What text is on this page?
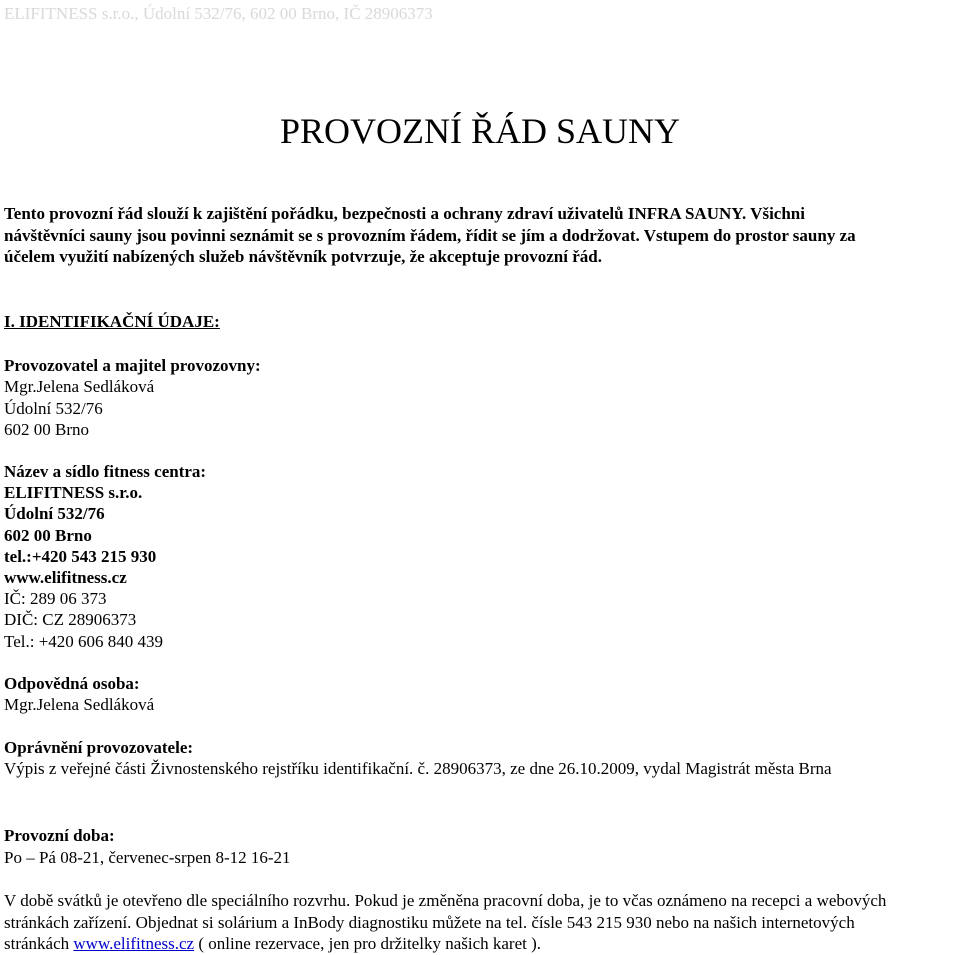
ELIFITNESS s.r.o., Údolní 532/76, 602 00 Brno, IČ 28906373
PROVOZNÍ ŘÁD SAUNY
Tento provozní řád slouží k zajištění pořádku, bezpečnosti a ochrany zdraví uživatelů INFRA SAUNY. Všichni
návštěvníci sauny jsou povinni seznámit se s provozním řádem, řídit se jím a dodržovat. Vstupem do prostor sauny za
účelem využití nabízených služeb návštěvník potvrzuje, že akceptuje provozní řád.
I. IDENTIFIKAČNÍ ÚDAJE:
Provozovatel a majitel provozovny:
Mgr.Jelena Sedláková
Údolní 532/76
602 00 Brno
Název a sídlo fitness centra:
ELIFITNESS s.r.o.
Údolní 532/76
602 00 Brno
tel.:+420 543 215 930
www.elifitness.cz
IČ: 289 06 373
DIČ: CZ 28906373
Tel.: +420 606 840 439
Odpovědná osoba:
Mgr.Jelena Sedláková
Oprávnění provozovatele:
Výpis z veřejné části Živnostenského rejstříku identifikační. č. 28906373, ze dne 26.10.2009, vydal Magistrát města Brna
Provozní doba:
Po – Pá 08-21, červenec-srpen 8-12 16-21
V době svátků je otevřeno dle speciálního rozvrhu. Pokud je změněna pracovní doba, je to včas oznámeno na recepci a webových
stránkách zařízení. Objednat si solárium a InBody diagnostiku můžete na tel. čísle 543 215 930 nebo na našich internetových
stránkách www.elifitness.cz ( online rezervace, jen pro držitelky našich karet ).
